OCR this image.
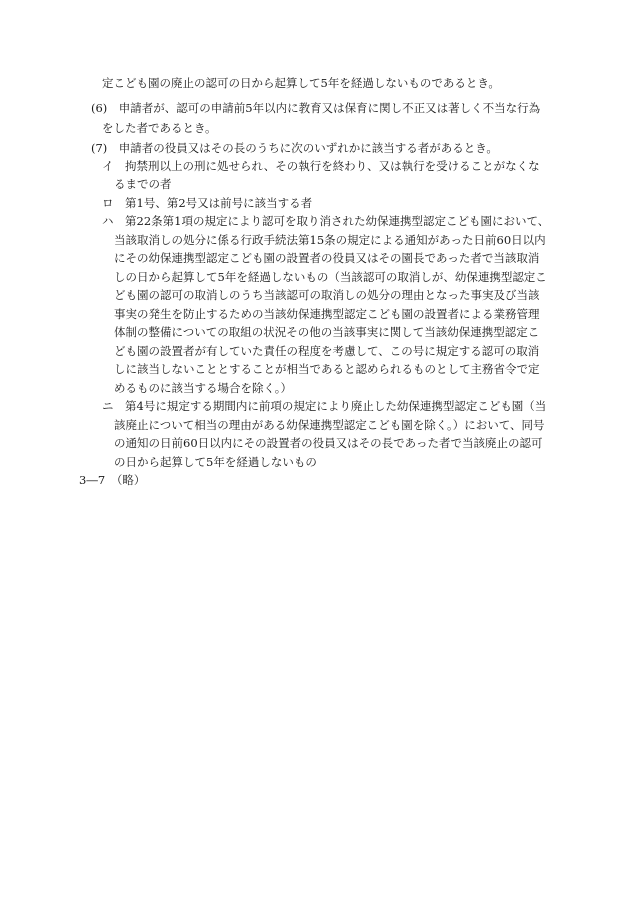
定こども園の廃止の認可の日から起算して5年を経過しないものであるとき。
(6)　申請者が、認可の申請前5年以内に教育又は保育に関し不正又は著しく不当な行為
をした者であるとき。
(7)　申請者の役員又はその長のうちに次のいずれかに該当する者があるとき。
イ　拘禁刑以上の刑に処せられ、その執行を終わり、又は執行を受けることがなくな
るまでの者
ロ　第1号、第2号又は前号に該当する者
ハ　第22条第1項の規定により認可を取り消された幼保連携型認定こども園において、
当該取消しの処分に係る行政手続法第15条の規定による通知があった日前60日以内
にその幼保連携型認定こども園の設置者の役員又はその園長であった者で当該取消
しの日から起算して5年を経過しないもの（当該認可の取消しが、幼保連携型認定こ
ども園の認可の取消しのうち当該認可の取消しの処分の理由となった事実及び当該
事実の発生を防止するための当該幼保連携型認定こども園の設置者による業務管理
体制の整備についての取組の状況その他の当該事実に関して当該幼保連携型認定こ
ども園の設置者が有していた責任の程度を考慮して、この号に規定する認可の取消
しに該当しないこととすることが相当であると認められるものとして主務省令で定
めるものに該当する場合を除く。）
ニ　第4号に規定する期間内に前項の規定により廃止した幼保連携型認定こども園（当
該廃止について相当の理由がある幼保連携型認定こども園を除く。）において、同号
の通知の日前60日以内にその設置者の役員又はその長であった者で当該廃止の認可
の日から起算して5年を経過しないもの
3―7　（略）
